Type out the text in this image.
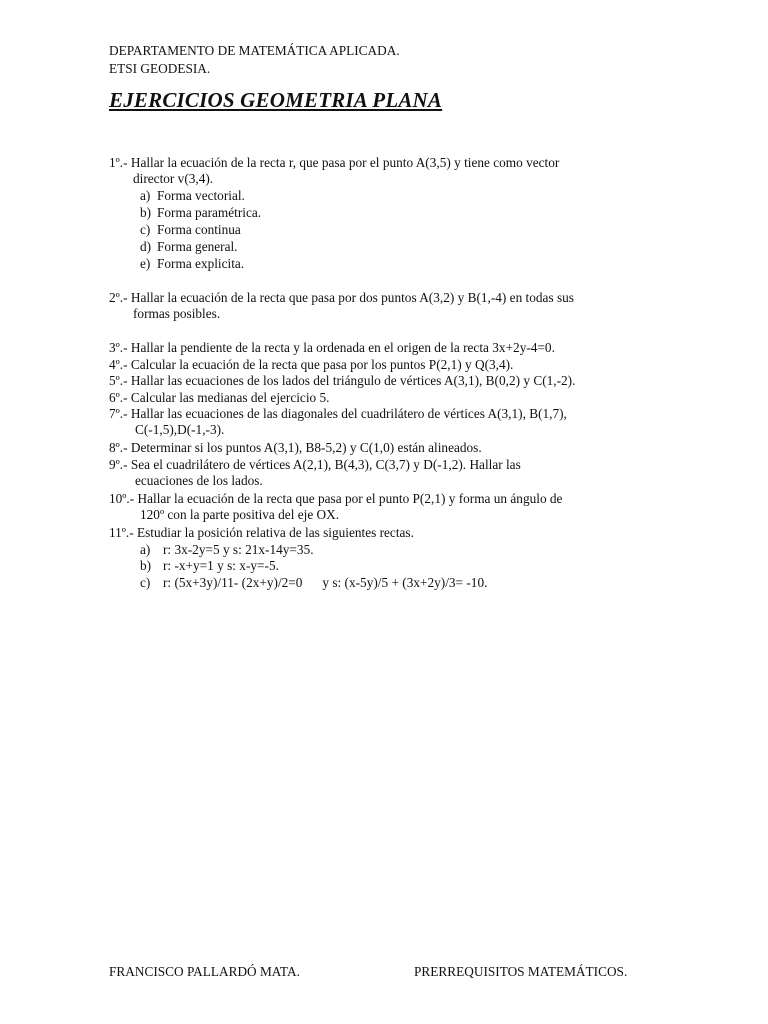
DEPARTAMENTO DE MATEMÁTICA APLICADA.
ETSI GEODESIA.
EJERCICIOS GEOMETRIA PLANA
1º.- Hallar la ecuación de la recta r, que pasa por el punto A(3,5) y tiene como vector
director v(3,4).
a) Forma vectorial.
b) Forma paramétrica.
c) Forma continua
d) Forma general.
e) Forma explicita.
2º.- Hallar la ecuación de la recta que pasa por dos puntos A(3,2) y B(1,-4) en todas sus
formas posibles.
3º.- Hallar la pendiente de la recta y la ordenada en el origen de la recta 3x+2y-4=0.
4º.- Calcular la ecuación de la recta que pasa por los puntos P(2,1) y Q(3,4).
5º.- Hallar las ecuaciones de los lados del triángulo de vértices A(3,1), B(0,2) y C(1,-2).
6º.- Calcular las medianas del ejercicio 5.
7º.- Hallar las ecuaciones de las diagonales del cuadrilátero de vértices A(3,1), B(1,7),
C(-1,5),D(-1,-3).
8º.- Determinar si los puntos A(3,1), B8-5,2) y C(1,0) están alineados.
9º.- Sea el cuadrilátero de vértices A(2,1), B(4,3), C(3,7) y D(-1,2). Hallar las
ecuaciones de los lados.
10º.- Hallar la ecuación de la recta que pasa por el punto P(2,1) y forma un ángulo de
120º con la parte positiva del eje OX.
11º.- Estudiar la posición relativa de las siguientes rectas.
a) r: 3x-2y=5 y s: 21x-14y=35.
b) r: -x+y=1 y s: x-y=-5.
c) r: (5x+3y)/11- (2x+y)/2=0      y s: (x-5y)/5 + (3x+2y)/3= -10.
FRANCISCO PALLARDÓ MATA.	PRERREQUISITOS MATEMÁTICOS.
